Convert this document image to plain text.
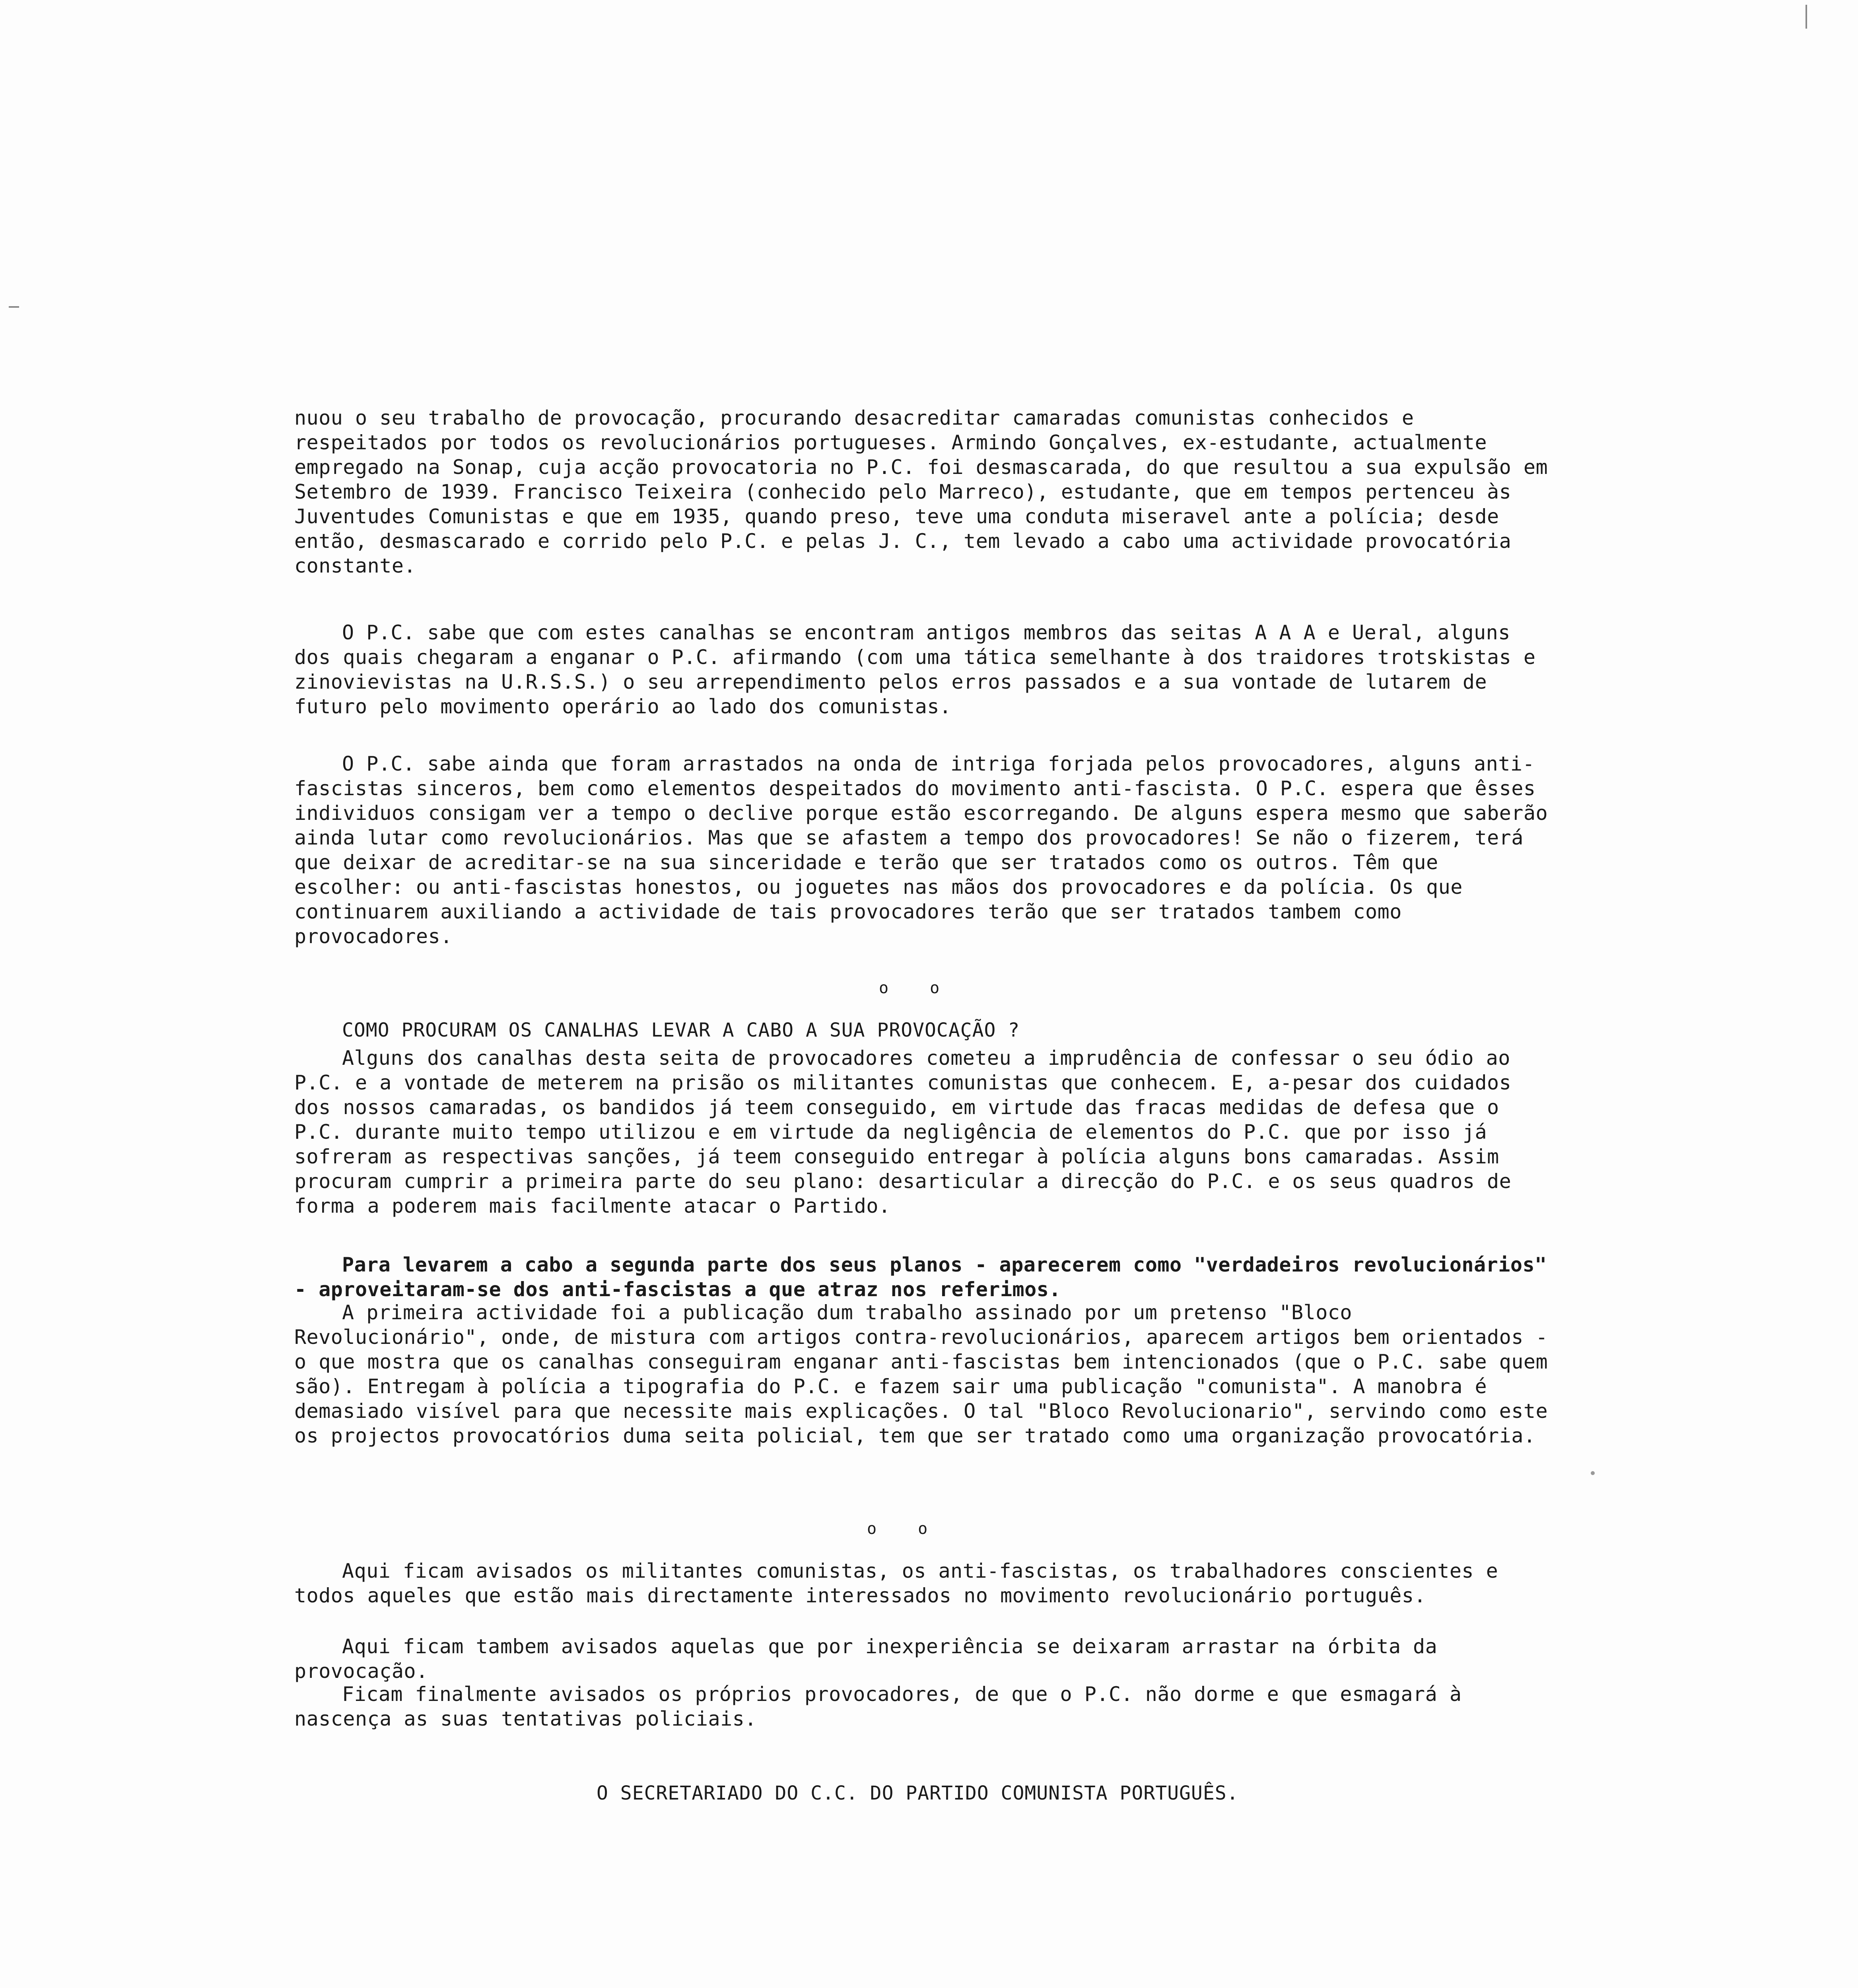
nuou o seu trabalho de provocação, procurando desacreditar camaradas comunistas conhecidos e respeitados por todos os revolucionários portugueses. Armindo Gonçalves, ex-estudante, actualmente empregado na Sonap, cuja acção provocatoria no P.C. foi desmascarada, do que resultou a sua expulsão em Setembro de 1939. Francisco Teixeira (conhecido pelo Marreco), estudante, que em tempos pertenceu às Juventudes Comunistas e que em 1935, quando preso, teve uma conduta miseravel ante a polícia; desde então, desmascarado e corrido pelo P.C. e pelas J. C., tem levado a cabo uma actividade provocatória constante.
O P.C. sabe que com estes canalhas se encontram antigos membros das seitas A A A e Ueral, alguns dos quais chegaram a enganar o P.C. afirmando (com uma tática semelhante à dos traidores trotskistas e zinovievistas na U.R.S.S.) o seu arrependimento pelos erros passados e a sua vontade de lutarem de futuro pelo movimento operário ao lado dos comunistas.
O P.C. sabe ainda que foram arrastados na onda de intriga forjada pelos provocadores, alguns anti-fascistas sinceros, bem como elementos despeitados do movimento anti-fascista. O P.C. espera que êsses individuos consigam ver a tempo o declive porque estão escorregando. De alguns espera mesmo que saberão ainda lutar como revolucionários. Mas que se afastem a tempo dos provocadores! Se não o fizerem, terá que deixar de acreditar-se na sua sinceridade e terão que ser tratados como os outros. Têm que escolher: ou anti-fascistas honestos, ou joguetes nas mãos dos provocadores e da polícia. Os que continuarem auxiliando a actividade de tais provocadores terão que ser tratados tambem como provocadores.
o o
COMO PROCURAM OS CANALHAS LEVAR A CABO A SUA PROVOCAÇÃO ?
Alguns dos canalhas desta seita de provocadores cometeu a imprudência de confessar o seu ódio ao P.C. e a vontade de meterem na prisão os militantes comunistas que conhecem. E, a-pesar dos cuidados dos nossos camaradas, os bandidos já teem conseguido, em virtude das fracas medidas de defesa que o P.C. durante muito tempo utilizou e em virtude da negligência de elementos do P.C. que por isso já sofreram as respectivas sanções, já teem conseguido entregar à polícia alguns bons camaradas. Assim procuram cumprir a primeira parte do seu plano: desarticular a direcção do P.C. e os seus quadros de forma a poderem mais facilmente atacar o Partido.
Para levarem a cabo a segunda parte dos seus planos - aparecerem como "verdadeiros revolucionários" - aproveitaram-se dos anti-fascistas a que atraz nos referimos.
A primeira actividade foi a publicação dum trabalho assinado por um pretenso "Bloco Revolucionário", onde, de mistura com artigos contra-revolucionários, aparecem artigos bem orientados - o que mostra que os canalhas conseguiram enganar anti-fascistas bem intencionados (que o P.C. sabe quem são). Entregam à polícia a tipografia do P.C. e fazem sair uma publicação "comunista". A manobra é demasiado visível para que necessite mais explicações. O tal "Bloco Revolucionario", servindo como este os projectos provocatórios duma seita policial, tem que ser tratado como uma organização provocatória.
o o
Aqui ficam avisados os militantes comunistas, os anti-fascistas, os trabalhadores conscientes e todos aqueles que estão mais directamente interessados no movimento revolucionário português.
Aqui ficam tambem avisados aquelas que por inexperiência se deixaram arrastar na órbita da provocação.
Ficam finalmente avisados os próprios provocadores, de que o P.C. não dorme e que esmagará à nascença as suas tentativas policiais.
O SECRETARIADO DO C.C. DO PARTIDO COMUNISTA PORTUGUÊS.
